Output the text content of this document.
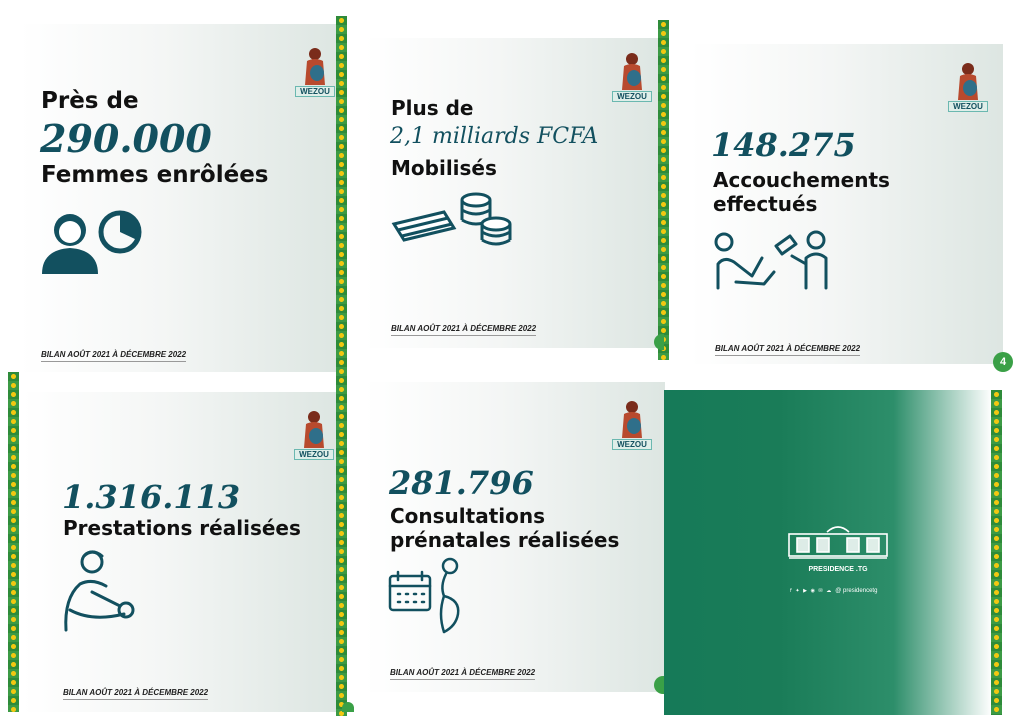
WEZOU
Près de
290.000
Femmes enrôlées
BILAN AOÛT 2021 À DÉCEMBRE 2022
WEZOU
Plus de
2,1 milliards FCFA
Mobilisés
BILAN AOÛT 2021 À DÉCEMBRE 2022
WEZOU
148.275
Accouchements
effectués
BILAN AOÛT 2021 À DÉCEMBRE 2022
4
WEZOU
1.316.113
Prestations réalisées
BILAN AOÛT 2021 À DÉCEMBRE 2022
WEZOU
281.796
Consultations
prénatales réalisées
BILAN AOÛT 2021 À DÉCEMBRE 2022
PRESIDENCE .TG
f ✦ ▶ ◉ ✉ ☁ @ presidencetg
